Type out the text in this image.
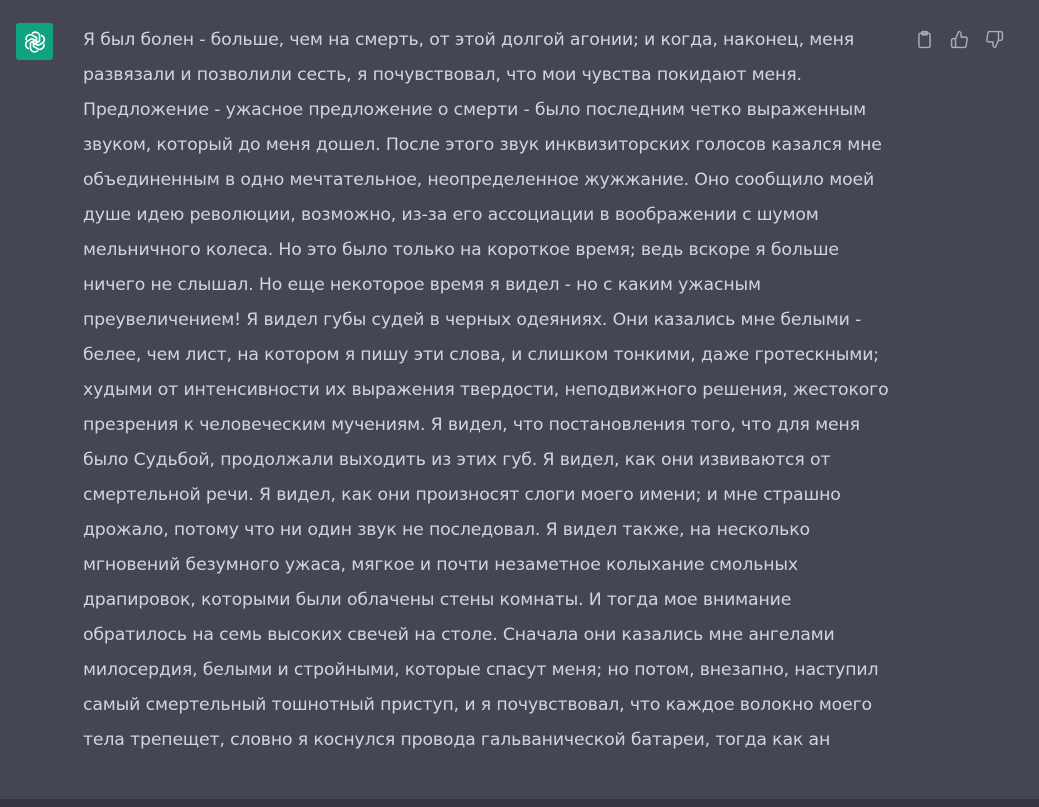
Я был болен - больше, чем на смерть, от этой долгой агонии; и когда, наконец, меня
развязали и позволили сесть, я почувствовал, что мои чувства покидают меня.
Предложение - ужасное предложение о смерти - было последним четко выраженным
звуком, который до меня дошел. После этого звук инквизиторских голосов казался мне
объединенным в одно мечтательное, неопределенное жужжание. Оно сообщило моей
душе идею революции, возможно, из-за его ассоциации в воображении с шумом
мельничного колеса. Но это было только на короткое время; ведь вскоре я больше
ничего не слышал. Но еще некоторое время я видел - но с каким ужасным
преувеличением! Я видел губы судей в черных одеяниях. Они казались мне белыми -
белее, чем лист, на котором я пишу эти слова, и слишком тонкими, даже гротескными;
худыми от интенсивности их выражения твердости, неподвижного решения, жестокого
презрения к человеческим мучениям. Я видел, что постановления того, что для меня
было Судьбой, продолжали выходить из этих губ. Я видел, как они извиваются от
смертельной речи. Я видел, как они произносят слоги моего имени; и мне страшно
дрожало, потому что ни один звук не последовал. Я видел также, на несколько
мгновений безумного ужаса, мягкое и почти незаметное колыхание смольных
драпировок, которыми были облачены стены комнаты. И тогда мое внимание
обратилось на семь высоких свечей на столе. Сначала они казались мне ангелами
милосердия, белыми и стройными, которые спасут меня; но потом, внезапно, наступил
самый смертельный тошнотный приступ, и я почувствовал, что каждое волокно моего
тела трепещет, словно я коснулся провода гальванической батареи, тогда как ан
